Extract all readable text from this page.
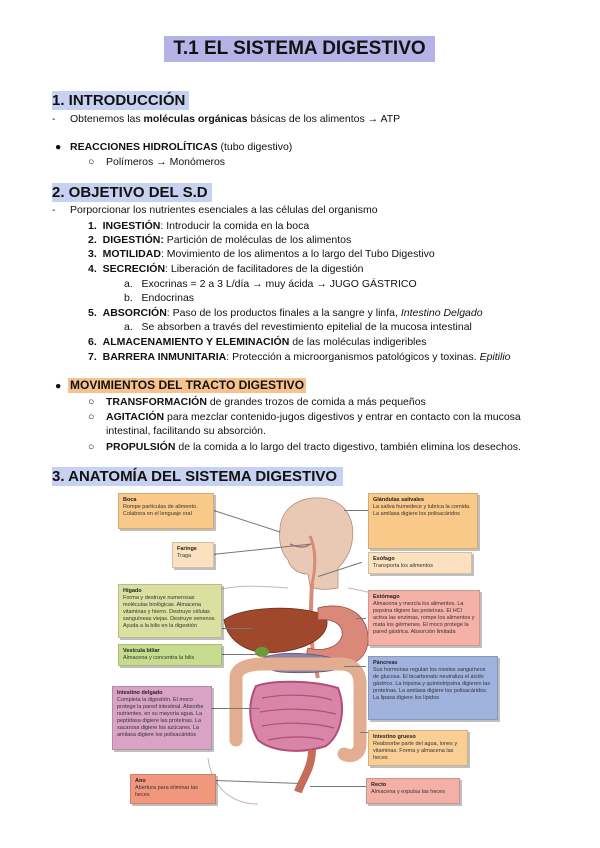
T.1 EL SISTEMA DIGESTIVO
1. INTRODUCCIÓN
- Obtenemos las moléculas orgánicas básicas de los alimentos → ATP
● REACCIONES HIDROLÍTICAS (tubo digestivo)
○ Polímeros → Monómeros
2. OBJETIVO DEL S.D
- Porporcionar los nutrientes esenciales a las células del organismo
1. INGESTIÓN: Introducir la comida en la boca
2. DIGESTIÓN: Partición de moléculas de los alimentos
3. MOTILIDAD: Movimiento de los alimentos a lo largo del Tubo Digestivo
4. SECRECIÓN: Liberación de facilitadores de la digestión
a.   Exocrinas = 2 a 3 L/día → muy ácida → JUGO GÁSTRICO
b.   Endocrinas
5. ABSORCIÓN: Paso de los productos finales a la sangre y linfa, Intestino Delgado
a.   Se absorben a través del revestimiento epitelial de la mucosa intestinal
6. ALMACENAMIENTO Y ELEMINACIÓN de las moléculas indigeribles
7. BARRERA INMUNITARIA: Protección a microorganismos patológicos y toxinas. Epitilio
● MOVIMIENTOS DEL TRACTO DIGESTIVO
○ TRANSFORMACIÓN de grandes trozos de comida a más pequeños
○ AGITACIÓN para mezclar contenido-jugos digestivos y entrar en contacto con la mucosa
intestinal, facilitando su absorción.
○ PROPULSIÓN de la comida a lo largo del tracto digestivo, también elimina los desechos.
3. ANATOMÍA DEL SISTEMA DIGESTIVO
Boca
Rompe partículas de alimento. Colabora en el lenguaje oral
Faringe
Traga
Hígado
Forma y destruye numerosas moléculas biológicas. Almacena vitaminas y hierro. Destruye células sanguíneas viejas. Destruye venenos. Ayuda a la bilis en la digestión
Vesícula biliar
Almacena y concentra la bilis
Intestino delgado
Completa la digestión. El moco protege la pared intestinal. Absorbe nutrientes, en su mayoría agua. La peptidasa digiere las proteínas. La sacarosa digiere los azúcares. La amilasa digiere los polisacáridos
Ano
Abertura para eliminar las heces
Glándulas salivales
La saliva humedece y lubrica la comida. La amilasa digiere los polisacáridos
Esófago
Transporta los alimentos
Estómago
Almacena y mezcla los alimentos. La pepsina digiere las proteínas. El HCl activa las enzimas, rompe los alimentos y mata los gérmenes. El moco protege la pared gástrica. Absorción limitada
Páncreas
Sus hormonas regulan los niveles sanguíneos de glucosa. El bicarbonato neutraliza el ácido gástrico. La tripsina y quimiotripsina digieren las proteínas. La amilasa digiere los polisacáridos. La lipasa digiere los lípidos
Intestino grueso
Reabsorbe parte del agua, iones y vitaminas. Forma y almacena las heces
Recto
Almacena y expulsa las heces
